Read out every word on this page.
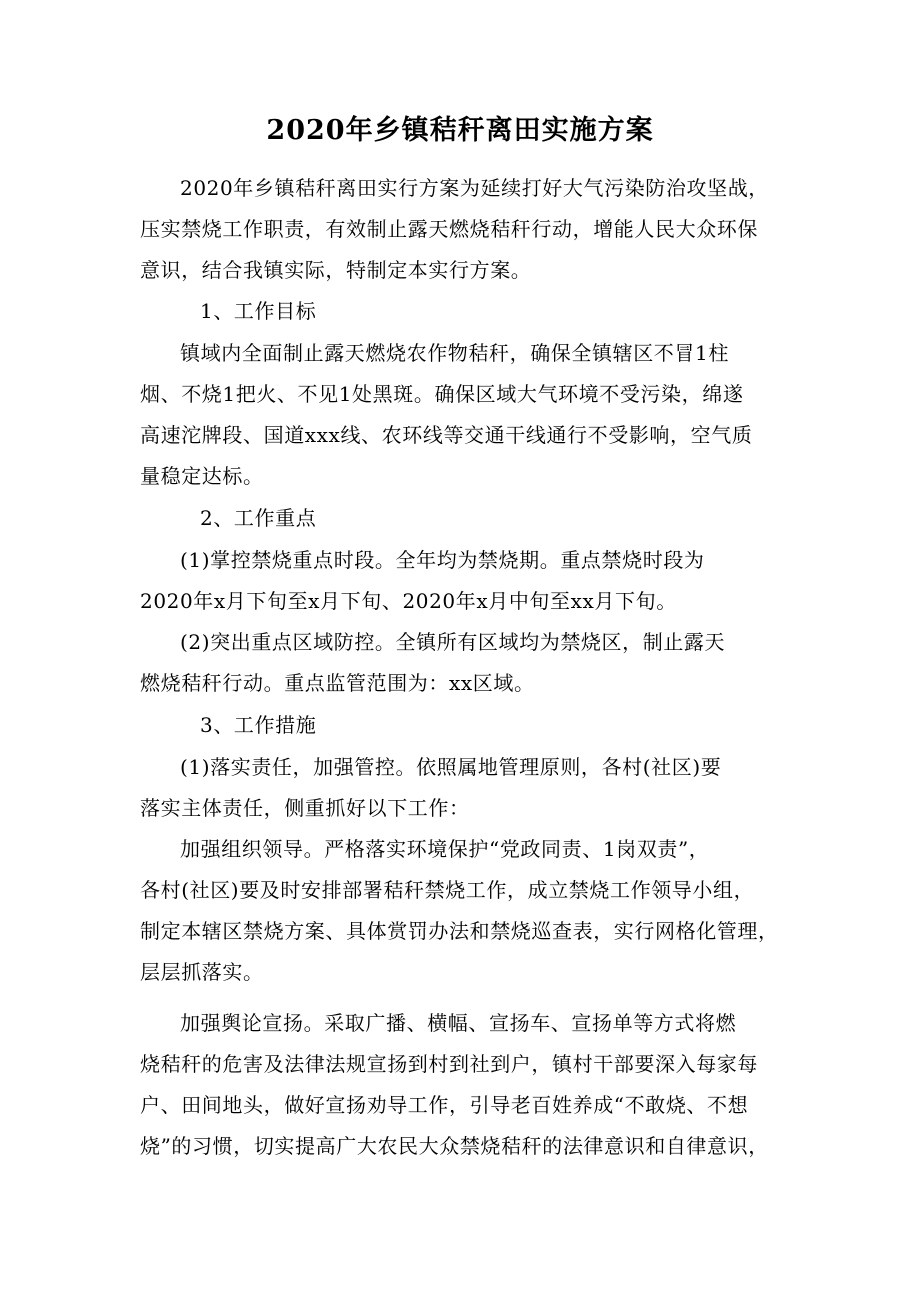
2020年乡镇秸秆离田实施方案
2020年乡镇秸秆离田实行方案为延续打好大气污染防治攻坚战，
压实禁烧工作职责，有效制止露天燃烧秸秆行动，增能人民大众环保
意识，结合我镇实际，特制定本实行方案。
1、工作目标
镇域内全面制止露天燃烧农作物秸秆，确保全镇辖区不冒1柱
烟、不烧1把火、不见1处黑斑。确保区域大气环境不受污染，绵遂
高速沱牌段、国道xxx线、农环线等交通干线通行不受影响，空气质
量稳定达标。
2、工作重点
(1)掌控禁烧重点时段。全年均为禁烧期。重点禁烧时段为
2020年x月下旬至x月下旬、2020年x月中旬至xx月下旬。
(2)突出重点区域防控。全镇所有区域均为禁烧区，制止露天
燃烧秸秆行动。重点监管范围为：xx区域。
3、工作措施
(1)落实责任，加强管控。依照属地管理原则，各村(社区)要
落实主体责任，侧重抓好以下工作：
加强组织领导。严格落实环境保护“党政同责、1岗双责”，
各村(社区)要及时安排部署秸秆禁烧工作，成立禁烧工作领导小组，
制定本辖区禁烧方案、具体赏罚办法和禁烧巡查表，实行网格化管理，
层层抓落实。
加强舆论宣扬。采取广播、横幅、宣扬车、宣扬单等方式将燃
烧秸秆的危害及法律法规宣扬到村到社到户，镇村干部要深入每家每
户、田间地头，做好宣扬劝导工作，引导老百姓养成“不敢烧、不想
烧”的习惯，切实提高广大农民大众禁烧秸秆的法律意识和自律意识，
